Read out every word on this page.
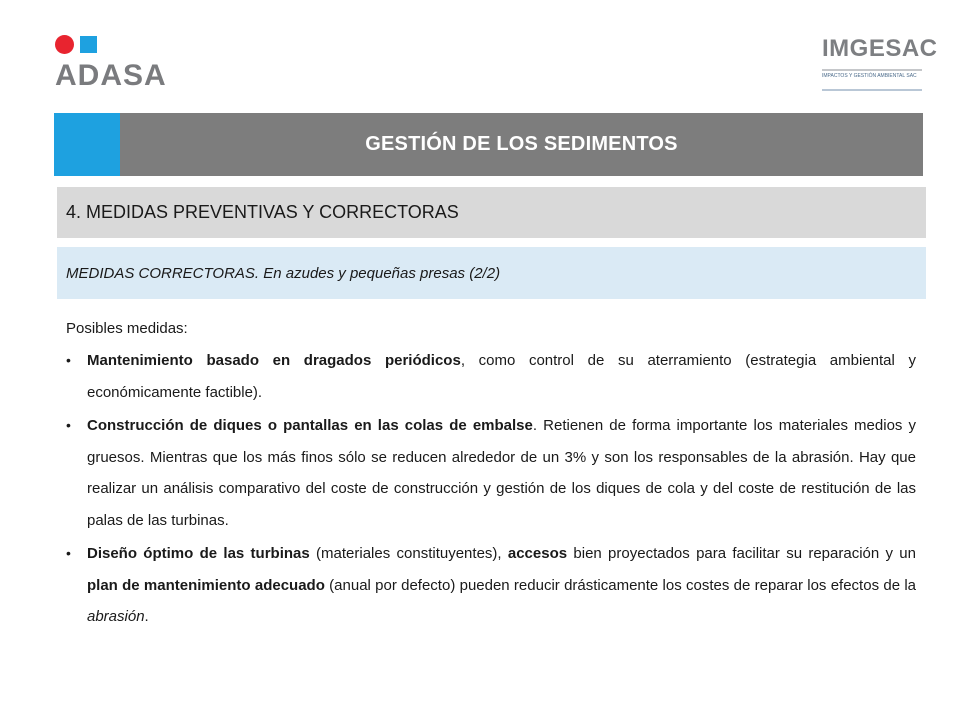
ADASA
IMGESAC
IMPACTOS Y GESTIÓN AMBIENTAL SAC
GESTIÓN DE LOS SEDIMENTOS
4. MEDIDAS PREVENTIVAS Y CORRECTORAS
MEDIDAS CORRECTORAS. En azudes y pequeñas presas (2/2)

Posibles medidas:

• Mantenimiento basado en dragados periódicos, como control de su aterramiento (estrategia ambiental y económicamente factible).
• Construcción de diques o pantallas en las colas de embalse. Retienen de forma importante los materiales medios y gruesos. Mientras que los más finos sólo se reducen alrededor de un 3% y son los responsables de la abrasión. Hay que realizar un análisis comparativo del coste de construcción y gestión de los diques de cola y del coste de restitución de las palas de las turbinas.
• Diseño óptimo de las turbinas (materiales constituyentes), accesos bien proyectados para facilitar su reparación y un plan de mantenimiento adecuado (anual por defecto) pueden reducir drásticamente los costes de reparar los efectos de la abrasión.
